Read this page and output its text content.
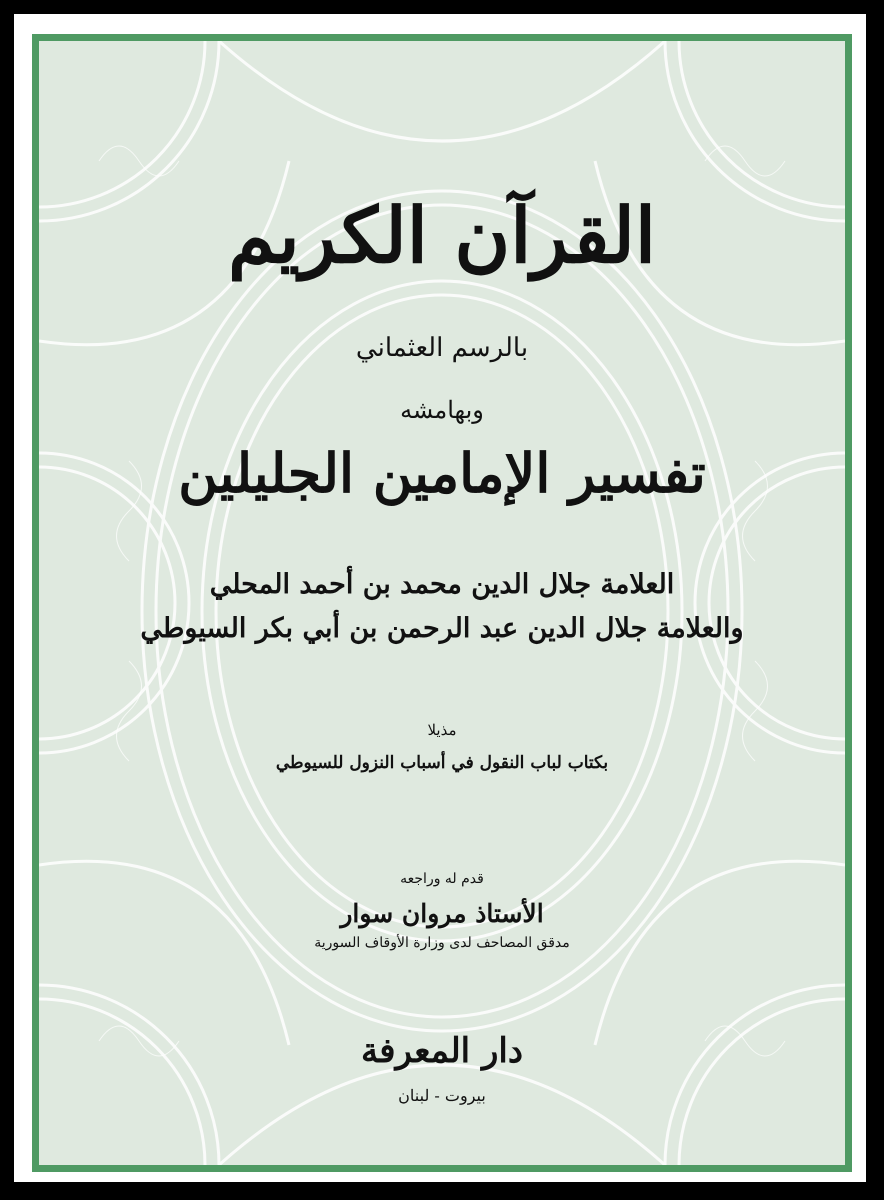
القرآن الكريم
بالرسم العثماني
وبهامشه
تفسير الإمامين الجليلين
العلامة جلال الدين محمد بن أحمد المحلي
والعلامة جلال الدين عبد الرحمن بن أبي بكر السيوطي
مذيلا
بكتاب لباب النقول في أسباب النزول للسيوطي
قدم له وراجعه
الأستاذ مروان سوار
مدقق المصاحف لدى وزارة الأوقاف السورية
دار المعرفة
بيروت - لبنان
